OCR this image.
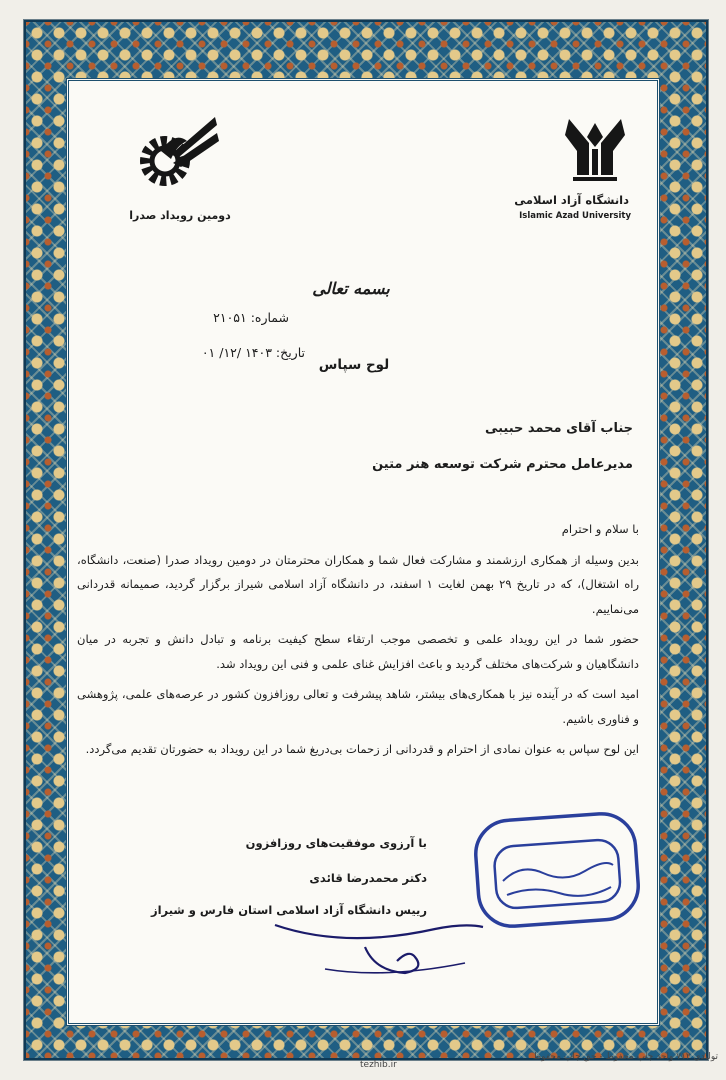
دانشگاه آزاد اسلامی
Islamic Azad University
دومین رویداد صدرا
بسمه تعالی
شماره: ۲۱۰۵۱
تاریخ: ۱۴۰۳ /۱۲/ ۰۱
لوح سپاس
جناب آقای محمد حبیبی
مدیرعامل محترم شرکت توسعه هنر متین

با سلام و احترام

بدین وسیله از همکاری ارزشمند و مشارکت فعال شما و همکاران محترمتان در دومین رویداد صدرا (صنعت، دانشگاه، راه اشتغال)، که در تاریخ ۲۹ بهمن لغایت ۱ اسفند، در دانشگاه آزاد اسلامی شیراز برگزار گردید، صمیمانه قدردانی می‌نماییم.

حضور شما در این رویداد علمی و تخصصی موجب ارتقاء سطح کیفیت برنامه و تبادل دانش و تجربه در میان دانشگاهیان و شرکت‌های مختلف گردید و باعث افزایش غنای علمی و فنی این رویداد شد.

امید است که در آینده نیز با همکاری‌های بیشتر، شاهد پیشرفت و تعالی روزافزون کشور در عرصه‌های علمی، پژوهشی و فناوری باشیم.

این لوح سپاس به عنوان نمادی از احترام و قدردانی از زحمات بی‌دریغ شما در این رویداد به حضورتان تقدیم می‌گردد.

با آرزوی موفقیت‌های روزافزون
دکتر محمدرضا قائدی
رییس دانشگاه آزاد اسلامی استان فارس و شیراز
تولیدی ۷۱۲ واحد چاپ محفوظ - حق چاپ محفوظ
tezhib.ir
